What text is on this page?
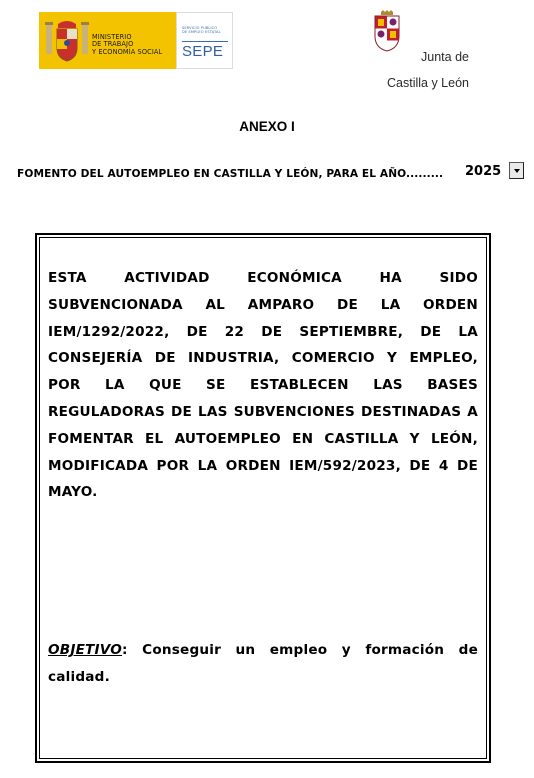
MINISTERIO
DE TRABAJO
Y ECONOMÍA SOCIAL
SERVICIO PÚBLICO
DE EMPLEO ESTATAL
SEPE	Junta de

Castilla y León

ANEXO I
FOMENTO DEL AUTOEMPLEO EN CASTILLA Y LEÓN, PARA EL AÑO......... 2025
ESTA ACTIVIDAD ECONÓMICA HA SIDO SUBVENCIONADA AL AMPARO DE LA ORDEN IEM/1292/2022, DE 22 DE SEPTIEMBRE, DE LA CONSEJERÍA DE INDUSTRIA, COMERCIO Y EMPLEO, POR LA QUE SE ESTABLECEN LAS BASES REGULADORAS DE LAS SUBVENCIONES DESTINADAS A FOMENTAR EL AUTOEMPLEO EN CASTILLA Y LEÓN, MODIFICADA POR LA ORDEN IEM/592/2023, DE 4 DE MAYO.
OBJETIVO: Conseguir un empleo y formación de calidad.
